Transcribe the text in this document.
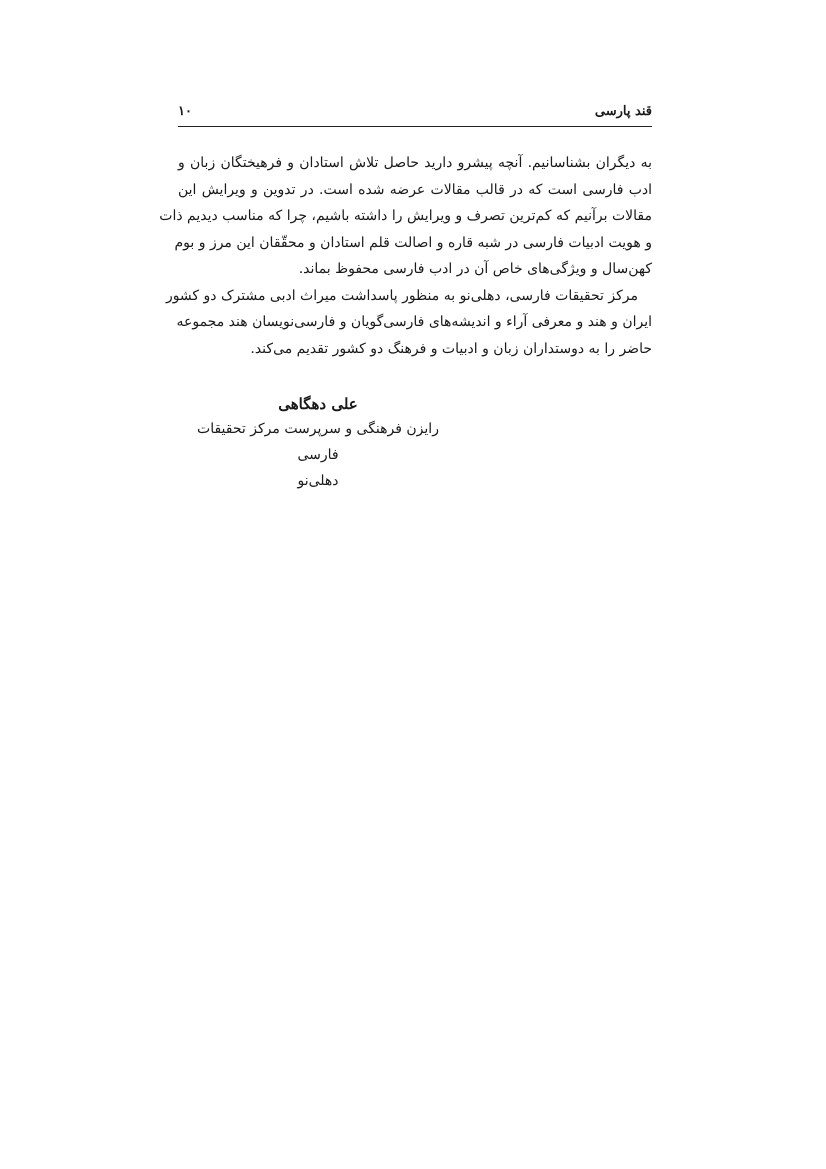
قند پارسی
۱۰
به دیگران بشناسانیم. آنچه پیشرو دارید حاصل تلاش استادان و فرهیختگان زبان و
ادب فارسی است که در قالب مقالات عرضه شده است. در تدوین و ویرایش این
مقالات برآنیم که کم‌ترین تصرف و ویرایش را داشته باشیم، چرا که مناسب دیدیم ذات
و هویت ادبیات فارسی در شبه قاره و اصالت قلم استادان و محقّقان این مرز و بوم
کهن‌سال و ویژگی‌های خاص آن در ادب فارسی محفوظ بماند.
مرکز تحقیقات فارسی، دهلی‌نو به منظور پاسداشت میراث ادبی مشترک دو کشور
ایران و هند و معرفی آراء و اندیشه‌های فارسی‌گویان و فارسی‌نویسان هند مجموعه
حاضر را به دوستداران زبان و ادبیات و فرهنگ دو کشور تقدیم می‌کند.
علی دهگاهی
رایزن فرهنگی و سرپرست مرکز تحقیقات فارسی
دهلی‌نو
